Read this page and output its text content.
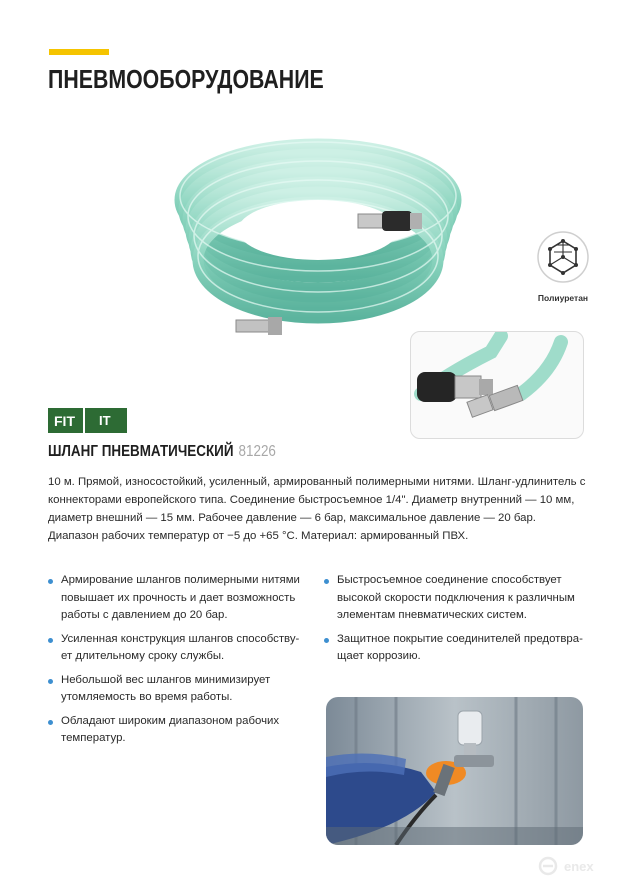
ПНЕВМООБОРУДОВАНИЕ
Полиуретан
FIT	IT
ШЛАНГ ПНЕВМАТИЧЕСКИЙ 81226

10 м. Прямой, износостойкий, усиленный, армированный полимерными нитями. Шланг-удлинитель с коннекторами европейского типа. Соединение быстросъемное 1/4". Диаметр внутренний — 10 мм, диаметр внешний — 15 мм. Рабочее давление — 6 бар, максимальное давление — 20 бар. Диапазон рабочих температур от −5 до +65 °С. Материал: армированный ПВХ.

Армирование шлангов полимерными нитями повышает их прочность и дает возможность работы с давлением до 20 бар.
Усиленная конструкция шлангов способству-ет длительному сроку службы.
Небольшой вес шлангов минимизирует утомляемость во время работы.
Обладают широким диапазоном рабочих температур.
Быстросъемное соединение способствует высокой скорости подключения к различным элементам пневматических систем.
Защитное покрытие соединителей предотвра-щает коррозию.
enex
